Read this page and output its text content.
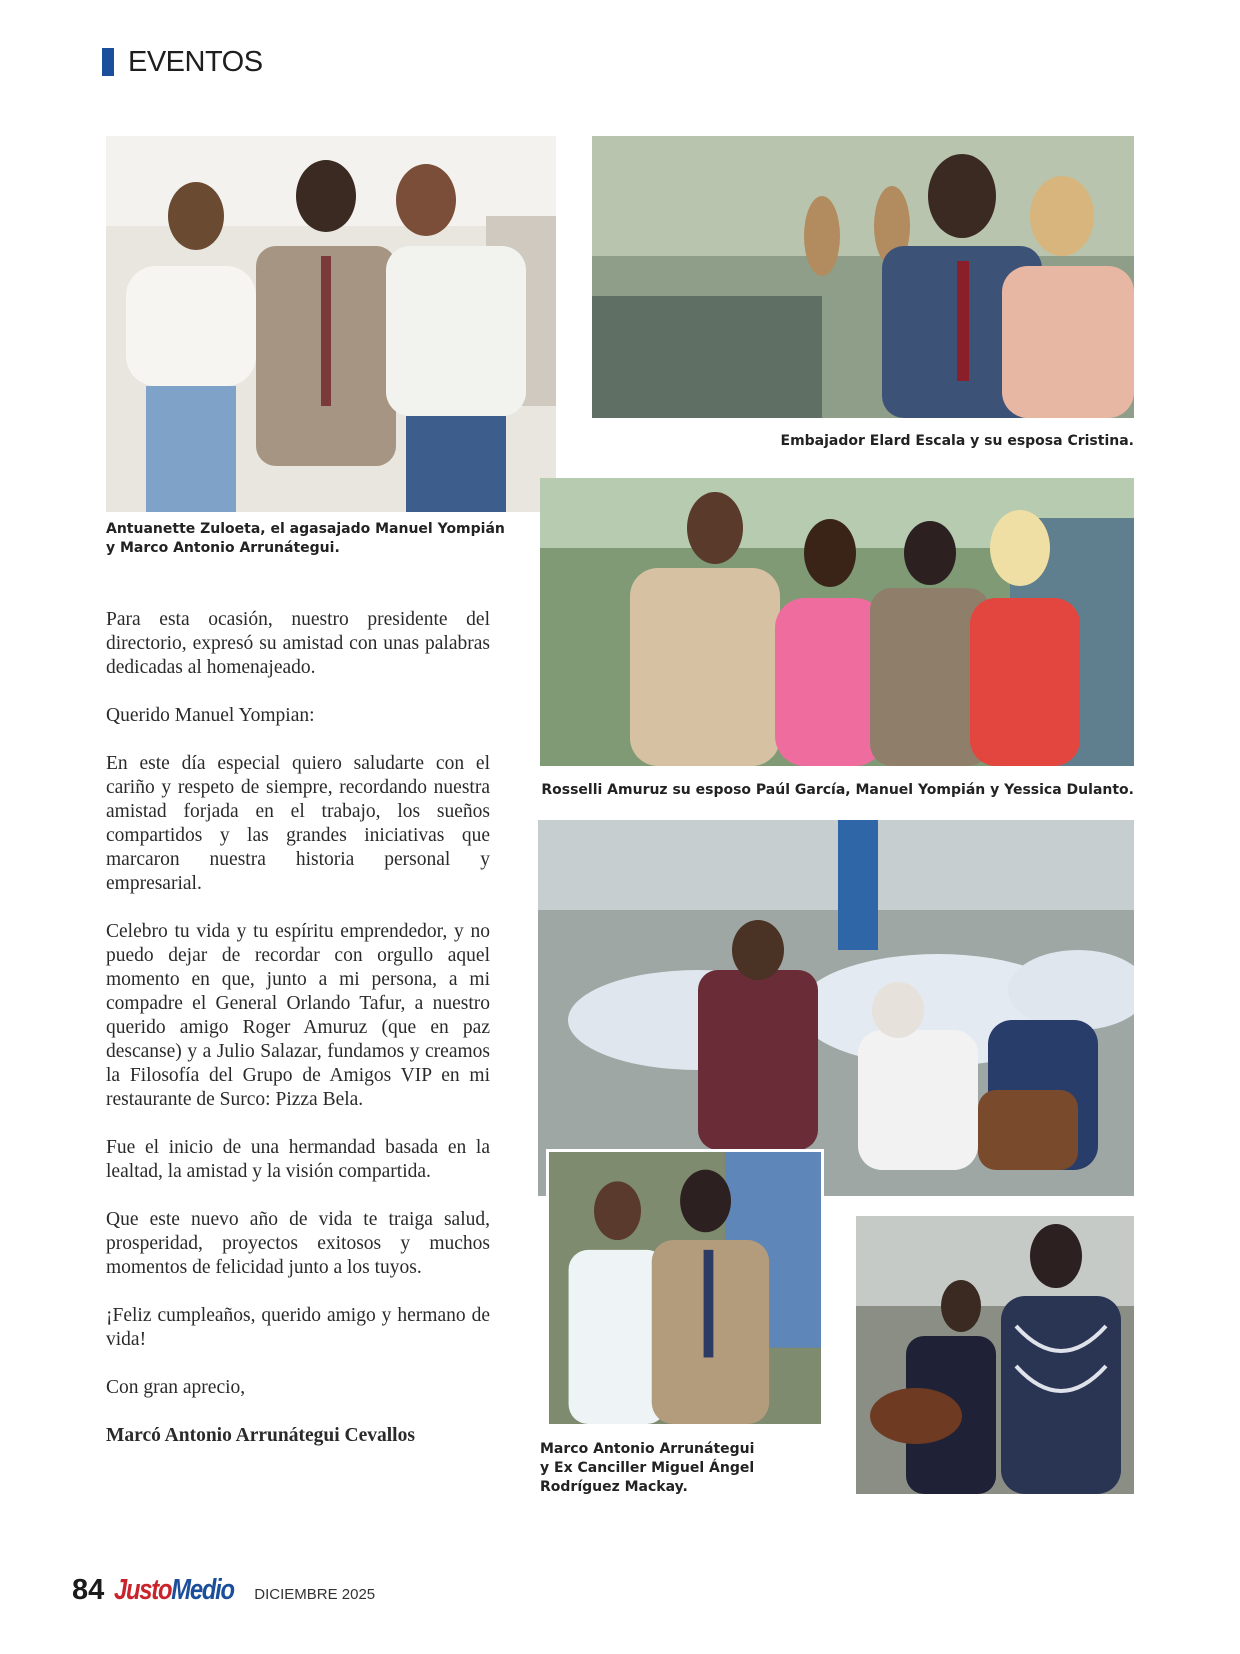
EVENTOS
Antuanette Zuloeta, el agasajado Manuel Yompián
y Marco Antonio Arrunátegui.
Embajador Elard Escala y su esposa Cristina.
Rosselli Amuruz su esposo Paúl García, Manuel Yompián y Yessica Dulanto.
Marco Antonio Arrunátegui
y Ex Canciller Miguel Ángel
Rodríguez Mackay.

Para esta ocasión, nuestro presidente del directorio, expresó su amistad con unas palabras dedicadas al homenajeado.

Querido Manuel Yompian:

En este día especial quiero saludarte con el cariño y respeto de siempre, recordando nuestra amistad forjada en el trabajo, los sueños compartidos y las grandes iniciativas que marcaron nuestra historia personal y empresarial.

Celebro tu vida y tu espíritu emprendedor, y no puedo dejar de recordar con orgullo aquel momento en que, junto a mi persona, a mi compadre el General Orlando Tafur, a nuestro querido amigo Roger Amuruz (que en paz descanse) y a Julio Salazar, fundamos y creamos la Filosofía del Grupo de Amigos VIP en mi restaurante de Surco: Pizza Bela.

Fue el inicio de una hermandad basada en la lealtad, la amistad y la visión compartida.

Que este nuevo año de vida te traiga salud, prosperidad, proyectos exitosos y muchos momentos de felicidad junto a los tuyos.

¡Feliz cumpleaños, querido amigo y hermano de vida!

Con gran aprecio,

Marcó Antonio Arrunátegui Cevallos

84 JustoMedio DICIEMBRE 2025
